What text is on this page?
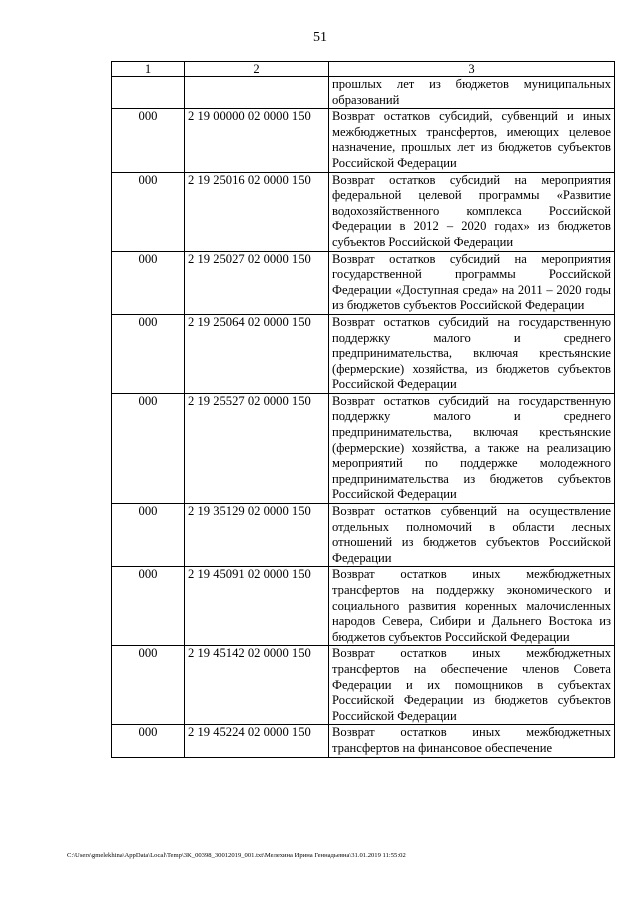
51
1	2	3
		прошлых лет из бюджетов муниципальных образований
000	2 19 00000 02 0000 150	Возврат остатков субсидий, субвенций и иных межбюджетных трансфертов, имеющих целевое назначение, прошлых лет из бюджетов субъектов Российской Федерации
000	2 19 25016 02 0000 150	Возврат остатков субсидий на мероприятия федеральной целевой программы «Развитие водохозяйственного комплекса Российской Федерации в 2012 – 2020 годах» из бюджетов субъектов Российской Федерации
000	2 19 25027 02 0000 150	Возврат остатков субсидий на мероприятия государственной программы Российской Федерации «Доступная среда» на 2011 – 2020 годы из бюджетов субъектов Российской Федерации
000	2 19 25064 02 0000 150	Возврат остатков субсидий на государственную поддержку малого и среднего предпринимательства, включая крестьянские (фермерские) хозяйства, из бюджетов субъектов Российской Федерации
000	2 19 25527 02 0000 150	Возврат остатков субсидий на государственную поддержку малого и среднего предпринимательства, включая крестьянские (фермерские) хозяйства, а также на реализацию мероприятий по поддержке молодежного предпринимательства из бюджетов субъектов Российской Федерации
000	2 19 35129 02 0000 150	Возврат остатков субвенций на осуществление отдельных полномочий в области лесных отношений из бюджетов субъектов Российской Федерации
000	2 19 45091 02 0000 150	Возврат остатков иных межбюджетных трансфертов на поддержку экономического и социального развития коренных малочисленных народов Севера, Сибири и Дальнего Востока из бюджетов субъектов Российской Федерации
000	2 19 45142 02 0000 150	Возврат остатков иных межбюджетных трансфертов на обеспечение членов Совета Федерации и их помощников в субъектах Российской Федерации из бюджетов субъектов Российской Федерации
000	2 19 45224 02 0000 150	Возврат остатков иных межбюджетных трансфертов на финансовое обеспечение
C:\Users\gmelekhina\AppData\Local\Temp\3K_00398_30012019_001.txt\Мелехина Ирина Геннадьевна\31.01.2019 11:55:02
